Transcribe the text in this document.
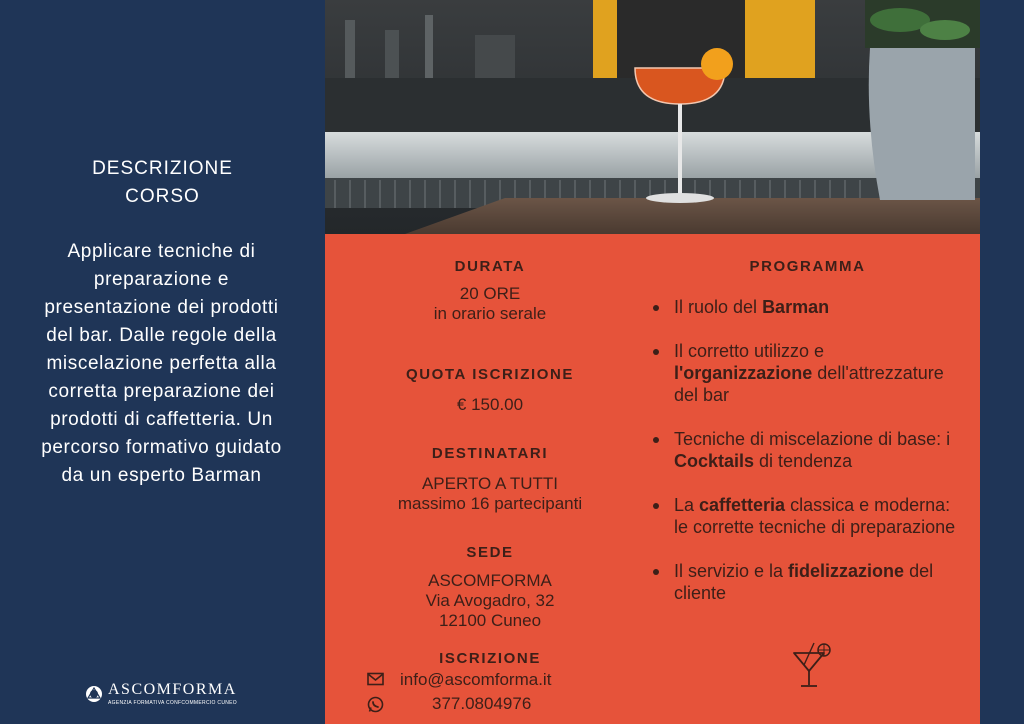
DESCRIZIONE
CORSO
Applicare tecniche di preparazione e presentazione dei prodotti del bar. Dalle regole della miscelazione perfetta alla corretta preparazione dei prodotti di caffetteria. Un percorso formativo guidato da un esperto Barman
ASCOMFORMA
AGENZIA FORMATIVA CONFCOMMERCIO CUNEO
DURATA
20 ORE
in orario serale
QUOTA ISCRIZIONE
€ 150.00
DESTINATARI
APERTO A TUTTI
massimo 16 partecipanti
SEDE
ASCOMFORMA
Via Avogadro, 32
12100 Cuneo
ISCRIZIONE
info@ascomforma.it
377.0804976
PROGRAMMA
Il ruolo del Barman
Il corretto utilizzo e l'organizzazione dell'attrezzature del bar
Tecniche di miscelazione di base: i Cocktails di tendenza
La caffetteria classica e moderna: le corrette tecniche di preparazione
Il servizio e la fidelizzazione del cliente
